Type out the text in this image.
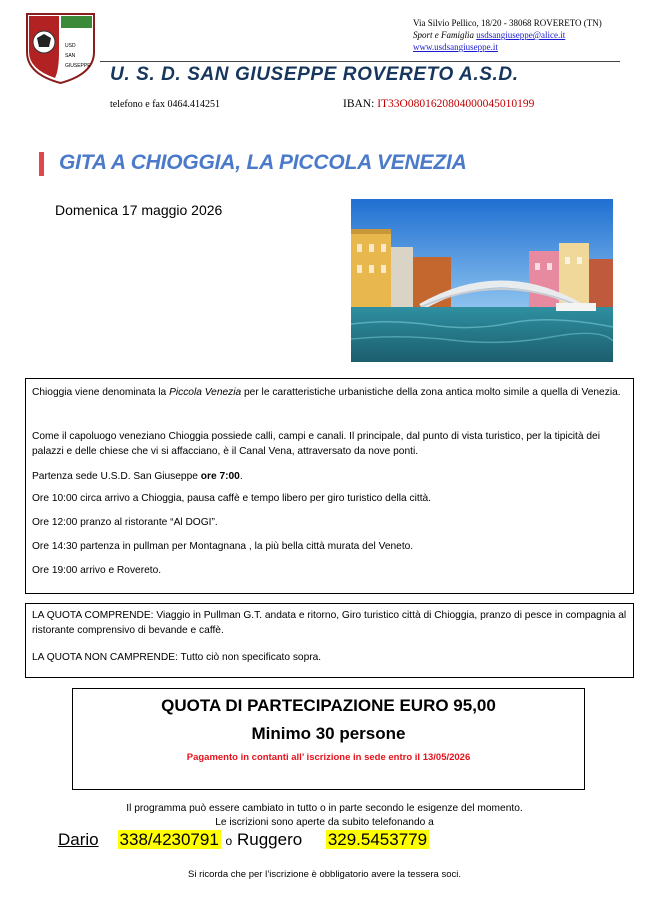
USD
SAN
GIUSEPPE
Via Silvio Pellico, 18/20 - 38068 ROVERETO (TN)
Sport e Famiglia usdsangiuseppe@alice.it
www.usdsangiuseppe.it
U. S. D. SAN GIUSEPPE ROVERETO A.S.D.
telefono e fax 0464.414251	IBAN: IT33O0801620804000045010199
GITA A CHIOGGIA, LA PICCOLA VENEZIA
Domenica 17 maggio 2026

Chioggia viene denominata la Piccola Venezia per le caratteristiche urbanistiche della zona antica molto simile a quella di Venezia.

Come il capoluogo veneziano Chioggia possiede calli, campi e canali. Il principale, dal punto di vista turistico, per la tipicità dei palazzi e delle chiese che vi si affacciano, è il Canal Vena, attraversato da nove ponti.

Partenza sede U.S.D. San Giuseppe ore 7:00.

Ore 10:00 circa arrivo a Chioggia, pausa caffè e tempo libero per giro turistico della città.

Ore 12:00 pranzo al ristorante “Al DOGI”.

Ore 14:30 partenza in pullman per Montagnana , la più bella città murata del Veneto.

Ore 19:00 arrivo e Rovereto.

LA QUOTA COMPRENDE: Viaggio in Pullman G.T. andata e ritorno, Giro turistico città di Chioggia, pranzo di pesce in compagnia al ristorante comprensivo di bevande e caffè.

LA QUOTA NON CAMPRENDE: Tutto ciò non specificato sopra.

QUOTA DI PARTECIPAZIONE EURO 95,00
Minimo 30 persone
Pagamento in contanti all’ iscrizione in sede entro il 13/05/2026
Il programma può essere cambiato in tutto o in parte secondo le esigenze del momento.
Le iscrizioni sono aperte da subito telefonando a
Dario 338/4230791 o Ruggero 329.5453779
Si ricorda che per l’iscrizione è obbligatorio avere la tessera soci.
